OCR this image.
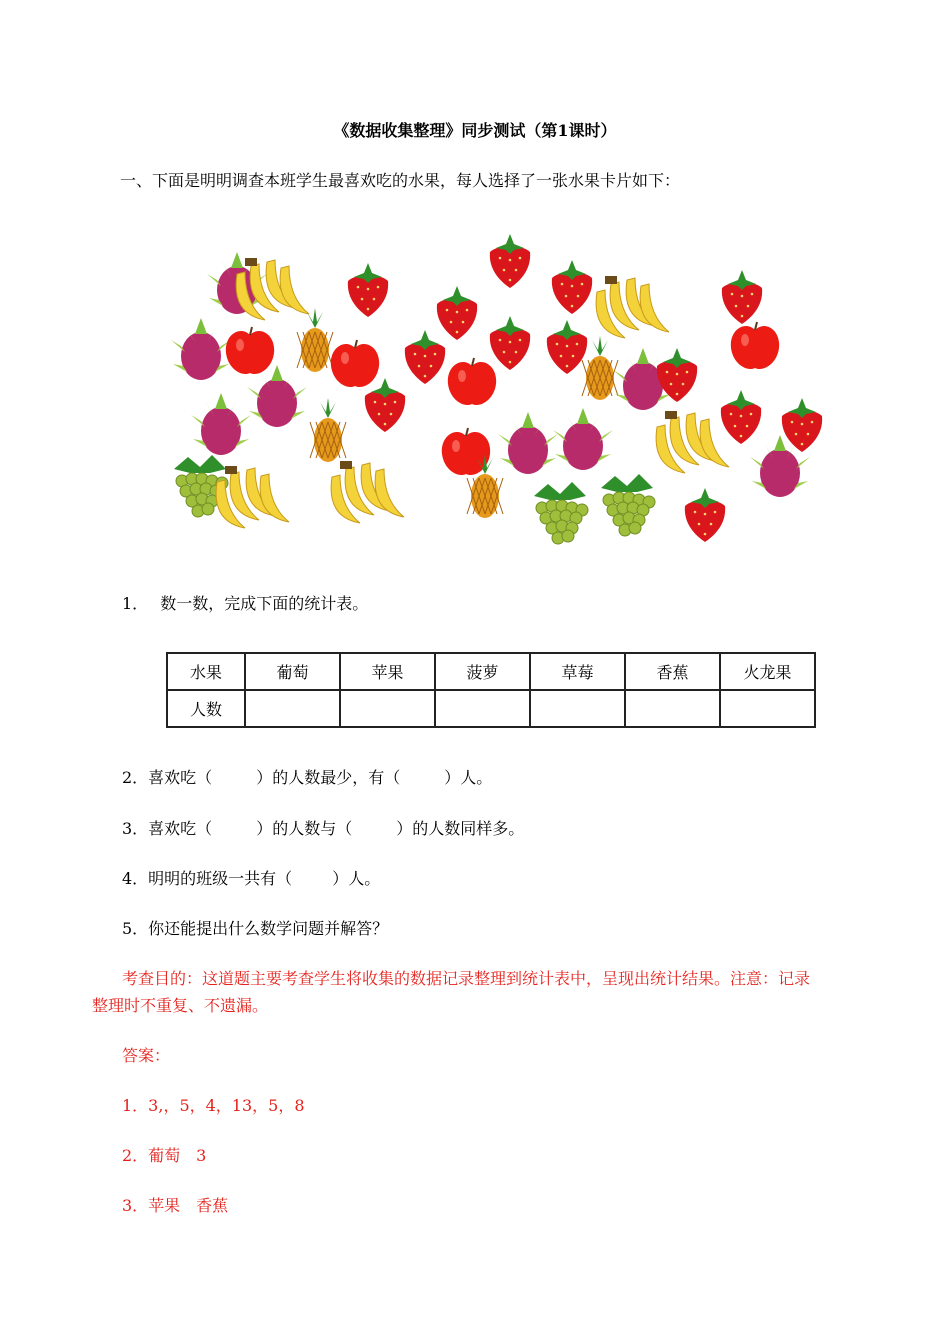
《数据收集整理》同步测试（第1课时）
一、下面是明明调查本班学生最喜欢吃的水果，每人选择了一张水果卡片如下：
1． 数一数，完成下面的统计表。
水果	葡萄	苹果	菠萝	草莓	香蕉	火龙果
人数						
2．喜欢吃（	）的人数最少，有（	）人。
3．喜欢吃（	）的人数与（	）的人数同样多。
4．明明的班级一共有（	）人。
5．你还能提出什么数学问题并解答？
考查目的：这道题主要考查学生将收集的数据记录整理到统计表中，呈现出统计结果。注意：记录
整理时不重复、不遗漏。
答案：
1．3,，5，4，13，5，8
2．葡萄　3
3．苹果　香蕉
